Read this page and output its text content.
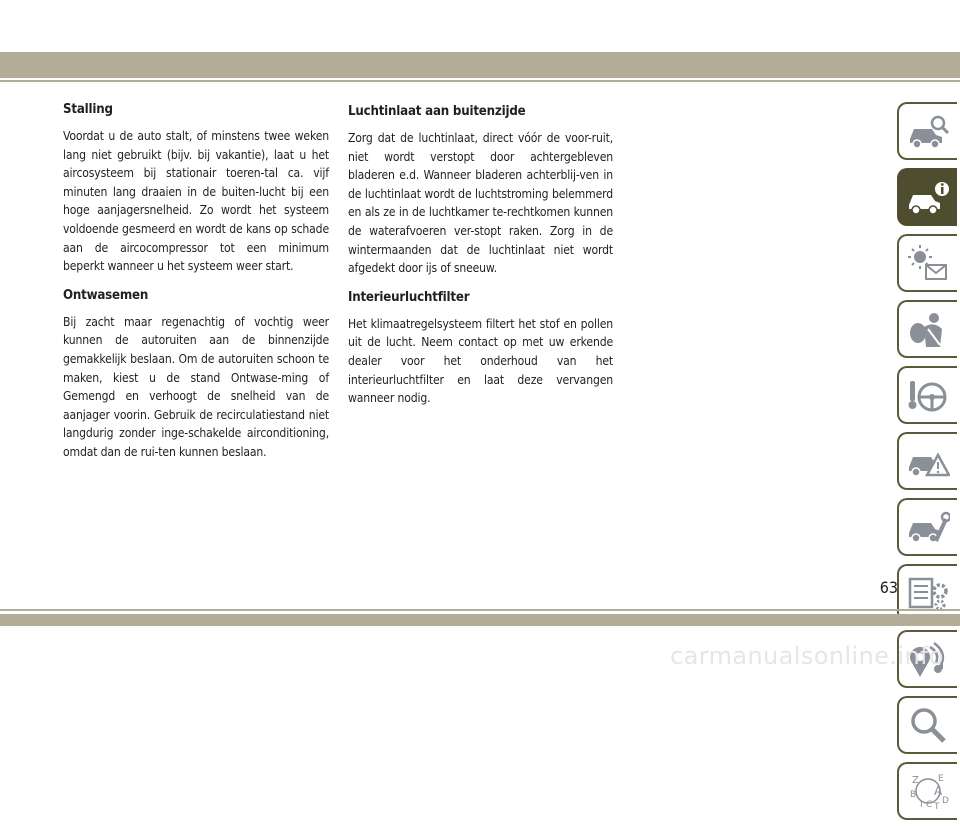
Stalling

Voordat u de auto stalt, of minstens twee weken lang niet gebruikt (bijv. bij vakantie), laat u het aircosysteem bij stationair toeren-tal ca. vijf minuten lang draaien in de buiten-lucht bij een hoge aanjagersnelheid. Zo wordt het systeem voldoende gesmeerd en wordt de kans op schade aan de aircocompressor tot een minimum beperkt wanneer u het systeem weer start.

Ontwasemen

Bij zacht maar regenachtig of vochtig weer kunnen de autoruiten aan de binnenzijde gemakkelijk beslaan. Om de autoruiten schoon te maken, kiest u de stand Ontwase-ming of Gemengd en verhoogt de snelheid van de aanjager voorin. Gebruik de recirculatiestand niet langdurig zonder inge-schakelde airconditioning, omdat dan de rui-ten kunnen beslaan.

Luchtinlaat aan buitenzijde

Zorg dat de luchtinlaat, direct vóór de voor-ruit, niet wordt verstopt door achtergebleven bladeren e.d. Wanneer bladeren achterblij-ven in de luchtinlaat wordt de luchtstroming belemmerd en als ze in de luchtkamer te-rechtkomen kunnen de waterafvoeren ver-stopt raken. Zorg in de wintermaanden dat de luchtinlaat niet wordt afgedekt door ijs of sneeuw.

Interieurluchtfilter

Het klimaatregelsysteem filtert het stof en pollen uit de lucht. Neem contact op met uw erkende dealer voor het onderhoud van het interieurluchtfilter en laat deze vervangen wanneer nodig.

Z E
B A
I C T
D
63
carmanualsonline.info
